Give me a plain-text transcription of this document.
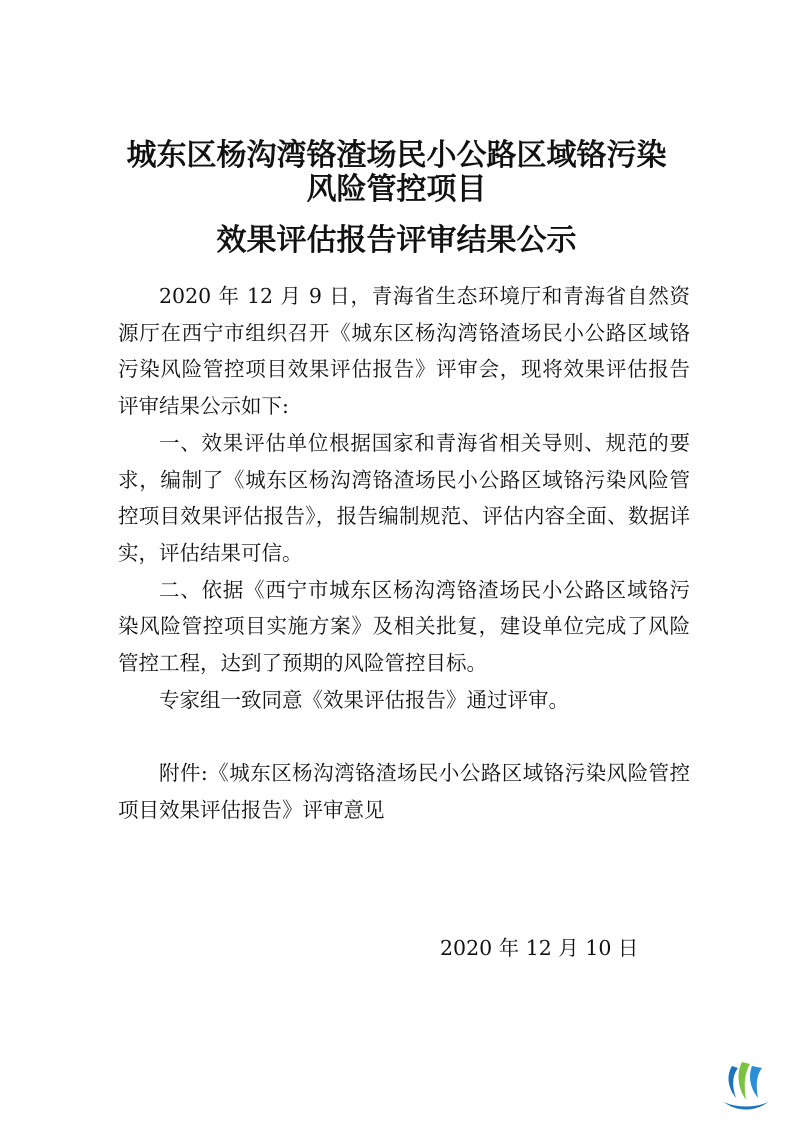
城东区杨沟湾铬渣场民小公路区域铬污染
风险管控项目
效果评估报告评审结果公示

2020 年 12 月 9 日，青海省生态环境厅和青海省自然资源厅在西宁市组织召开《城东区杨沟湾铬渣场民小公路区域铬污染风险管控项目效果评估报告》评审会，现将效果评估报告评审结果公示如下:

一、效果评估单位根据国家和青海省相关导则、规范的要求，编制了《城东区杨沟湾铬渣场民小公路区域铬污染风险管控项目效果评估报告》，报告编制规范、评估内容全面、数据详实，评估结果可信。

二、依据《西宁市城东区杨沟湾铬渣场民小公路区域铬污染风险管控项目实施方案》及相关批复，建设单位完成了风险管控工程，达到了预期的风险管控目标。

专家组一致同意《效果评估报告》通过评审。

附件:《城东区杨沟湾铬渣场民小公路区域铬污染风险管控项目效果评估报告》评审意见

2020 年 12 月 10 日
